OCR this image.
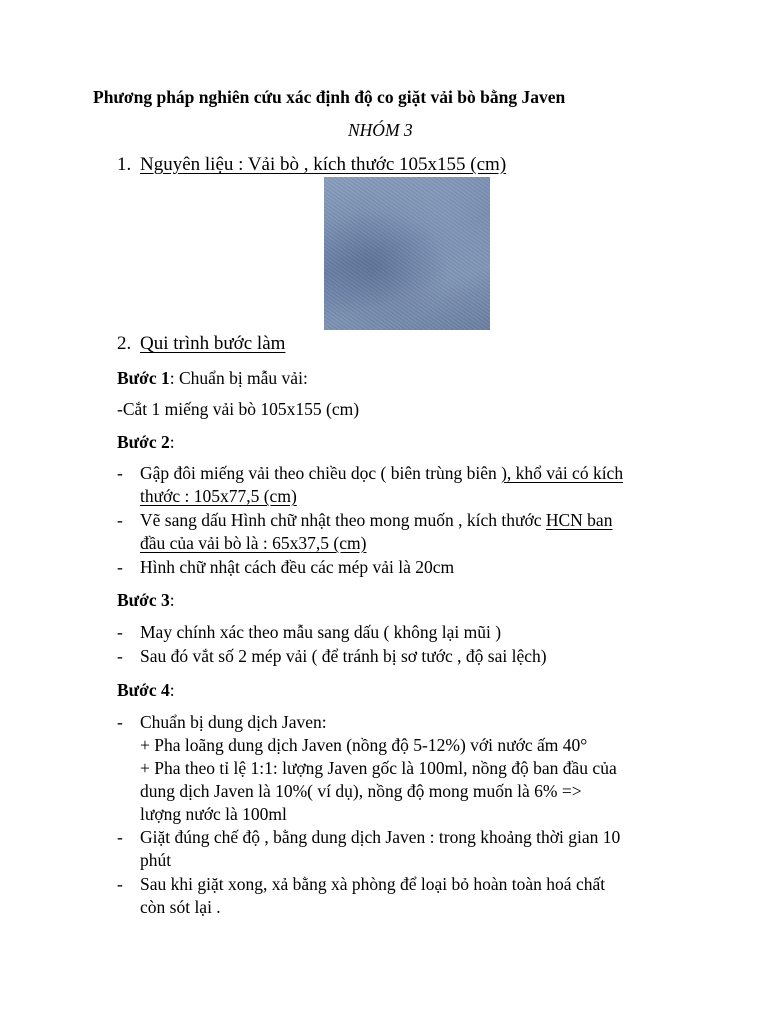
Phương pháp nghiên cứu xác định độ co giặt vải bò bằng Javen
NHÓM 3
1. Nguyên liệu : Vải bò , kích thước 105x155 (cm)
2. Qui trình bước làm
Bước 1: Chuẩn bị mẫu vải:
-Cắt 1 miếng vải bò 105x155 (cm)
Bước 2:
- Gập đôi miếng vải theo chiều dọc ( biên trùng biên ), khổ vải có kích
thước : 105x77,5 (cm)
- Vẽ sang dấu Hình chữ nhật theo mong muốn , kích thước HCN ban
đầu của vải bò là : 65x37,5 (cm)
- Hình chữ nhật cách đều các mép vải là 20cm
Bước 3:
- May chính xác theo mẫu sang dấu ( không lại mũi )
- Sau đó vắt số 2 mép vải ( để tránh bị sơ tước , độ sai lệch)
Bước 4:
- Chuẩn bị dung dịch Javen:
+ Pha loãng dung dịch Javen (nồng độ 5-12%) với nước ấm 40°
+ Pha theo tỉ lệ 1:1: lượng Javen gốc là 100ml, nồng độ ban đầu của
dung dịch Javen là 10%( ví dụ), nồng độ mong muốn là 6% =>
lượng nước là 100ml
- Giặt đúng chế độ , bằng dung dịch Javen : trong khoảng thời gian 10
phút
- Sau khi giặt xong, xả bằng xà phòng để loại bỏ hoàn toàn hoá chất
còn sót lại .
